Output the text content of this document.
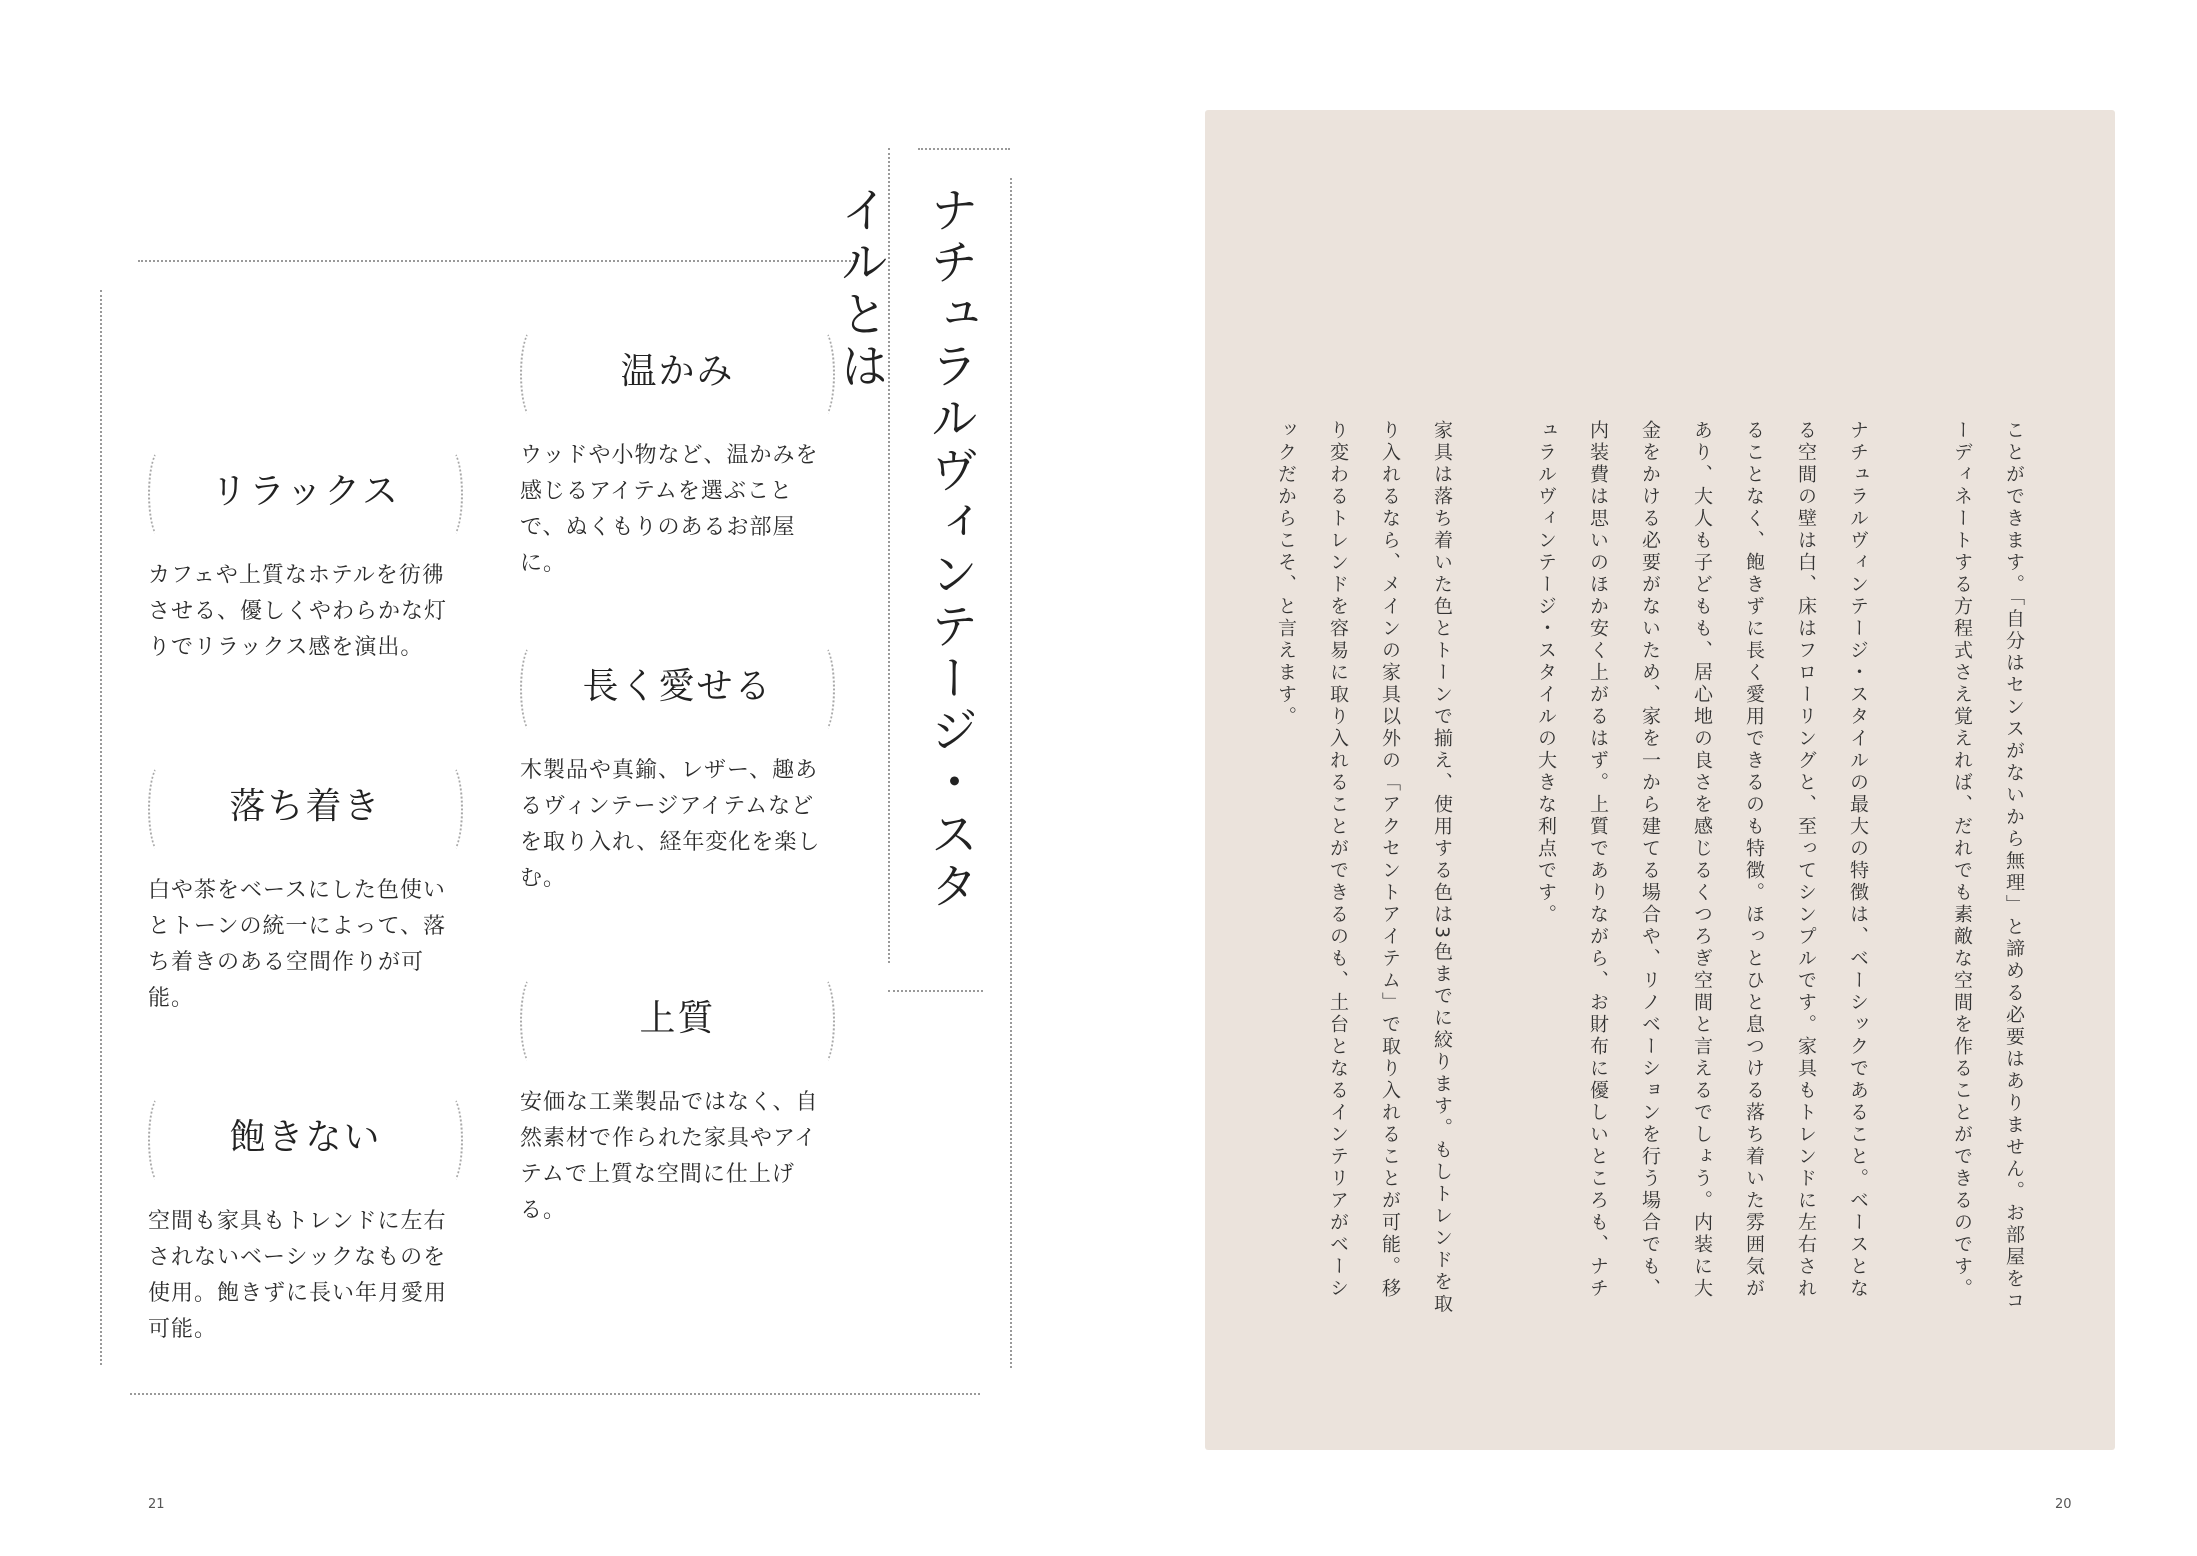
ナチュラルヴィンテージ・スタイルとは
リラックス
カフェや上質なホテルを彷彿させる、優しくやわらかな灯りでリラックス感を演出。
落ち着き
白や茶をベースにした色使いとトーンの統一によって、落ち着きのある空間作りが可能。
飽きない
空間も家具もトレンドに左右されないベーシックなものを使用。飽きずに長い年月愛用可能。
温かみ
ウッドや小物など、温かみを感じるアイテムを選ぶことで、ぬくもりのあるお部屋に。
長く愛せる
木製品や真鍮、レザー、趣あるヴィンテージアイテムなどを取り入れ、経年変化を楽しむ。
上質
安価な工業製品ではなく、自然素材で作られた家具やアイテムで上質な空間に仕上げる。
21

ことができます。「自分はセンスがないから無理」と諦める必要はありません。お部屋をコーディネートする方程式さえ覚えれば、だれでも素敵な空間を作ることができるのです。

ナチュラルヴィンテージ・スタイルの最大の特徴は、ベーシックであること。ベースとなる空間の壁は白、床はフローリングと、至ってシンプルです。家具もトレンドに左右されることなく、飽きずに長く愛用できるのも特徴。ほっとひと息つける落ち着いた雰囲気があり、大人も子どもも、居心地の良さを感じるくつろぎ空間と言えるでしょう。内装に大金をかける必要がないため、家を一から建てる場合や、リノベーションを行う場合でも、内装費は思いのほか安く上がるはず。上質でありながら、お財布に優しいところも、ナチュラルヴィンテージ・スタイルの大きな利点です。

家具は落ち着いた色とトーンで揃え、使用する色は3色までに絞ります。もしトレンドを取り入れるなら、メインの家具以外の「アクセントアイテム」で取り入れることが可能。移り変わるトレンドを容易に取り入れることができるのも、土台となるインテリアがベーシックだからこそ、と言えます。

20
